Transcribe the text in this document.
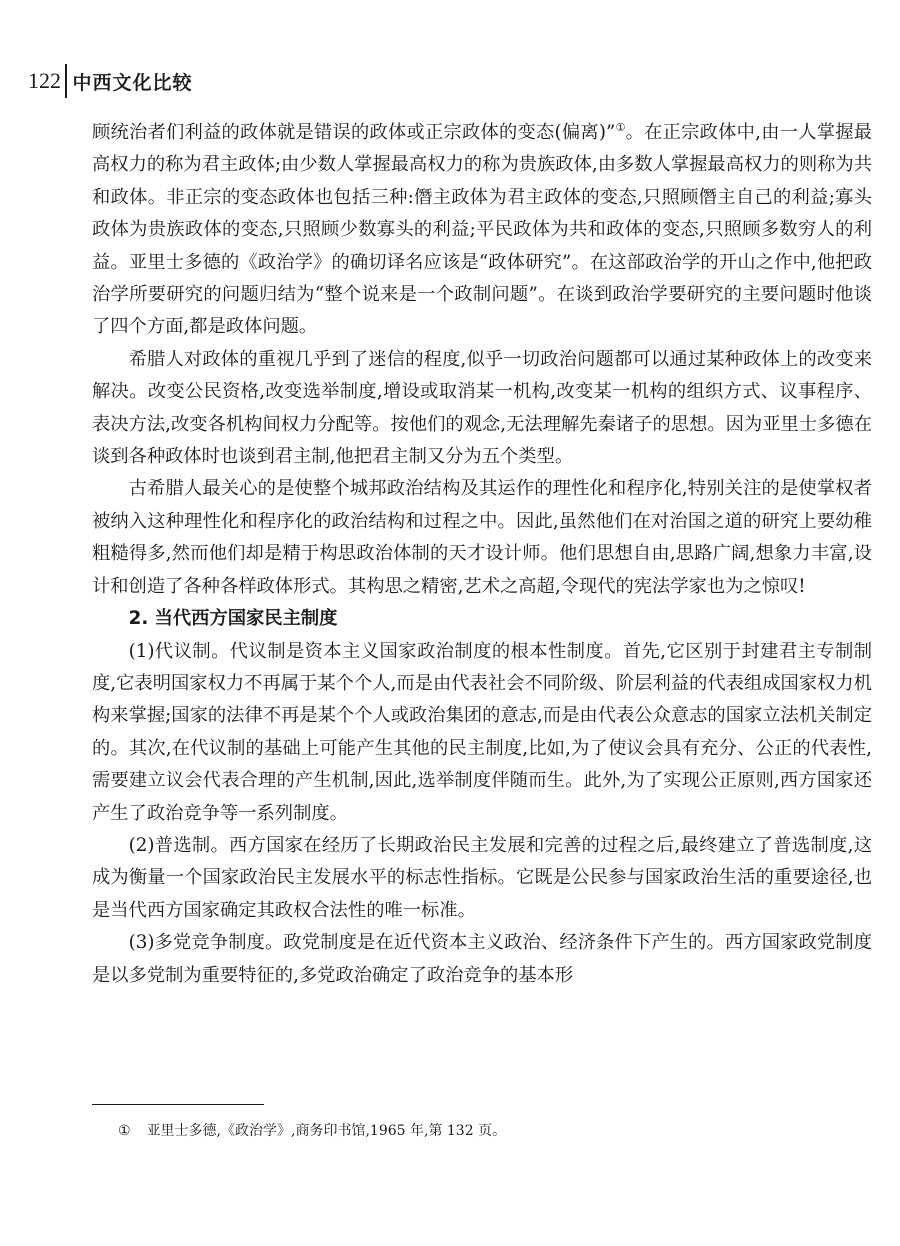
122 中西文化比较

顾统治者们利益的政体就是错误的政体或正宗政体的变态(偏离)”①。在正宗政体中,由一人掌握最高权力的称为君主政体;由少数人掌握最高权力的称为贵族政体,由多数人掌握最高权力的则称为共和政体。非正宗的变态政体也包括三种:僭主政体为君主政体的变态,只照顾僭主自己的利益;寡头政体为贵族政体的变态,只照顾少数寡头的利益;平民政体为共和政体的变态,只照顾多数穷人的利益。亚里士多德的《政治学》的确切译名应该是“政体研究”。在这部政治学的开山之作中,他把政治学所要研究的问题归结为“整个说来是一个政制问题”。在谈到政治学要研究的主要问题时他谈了四个方面,都是政体问题。

希腊人对政体的重视几乎到了迷信的程度,似乎一切政治问题都可以通过某种政体上的改变来解决。改变公民资格,改变选举制度,增设或取消某一机构,改变某一机构的组织方式、议事程序、表决方法,改变各机构间权力分配等。按他们的观念,无法理解先秦诸子的思想。因为亚里士多德在谈到各种政体时也谈到君主制,他把君主制又分为五个类型。

古希腊人最关心的是使整个城邦政治结构及其运作的理性化和程序化,特别关注的是使掌权者被纳入这种理性化和程序化的政治结构和过程之中。因此,虽然他们在对治国之道的研究上要幼稚粗糙得多,然而他们却是精于构思政治体制的天才设计师。他们思想自由,思路广阔,想象力丰富,设计和创造了各种各样政体形式。其构思之精密,艺术之高超,令现代的宪法学家也为之惊叹!

2. 当代西方国家民主制度

(1)代议制。代议制是资本主义国家政治制度的根本性制度。首先,它区别于封建君主专制制度,它表明国家权力不再属于某个个人,而是由代表社会不同阶级、阶层利益的代表组成国家权力机构来掌握;国家的法律不再是某个个人或政治集团的意志,而是由代表公众意志的国家立法机关制定的。其次,在代议制的基础上可能产生其他的民主制度,比如,为了使议会具有充分、公正的代表性,需要建立议会代表合理的产生机制,因此,选举制度伴随而生。此外,为了实现公正原则,西方国家还产生了政治竞争等一系列制度。

(2)普选制。西方国家在经历了长期政治民主发展和完善的过程之后,最终建立了普选制度,这成为衡量一个国家政治民主发展水平的标志性指标。它既是公民参与国家政治生活的重要途径,也是当代西方国家确定其政权合法性的唯一标准。

(3)多党竞争制度。政党制度是在近代资本主义政治、经济条件下产生的。西方国家政党制度是以多党制为重要特征的,多党政治确定了政治竞争的基本形

① 亚里士多德,《政治学》,商务印书馆,1965 年,第 132 页。
